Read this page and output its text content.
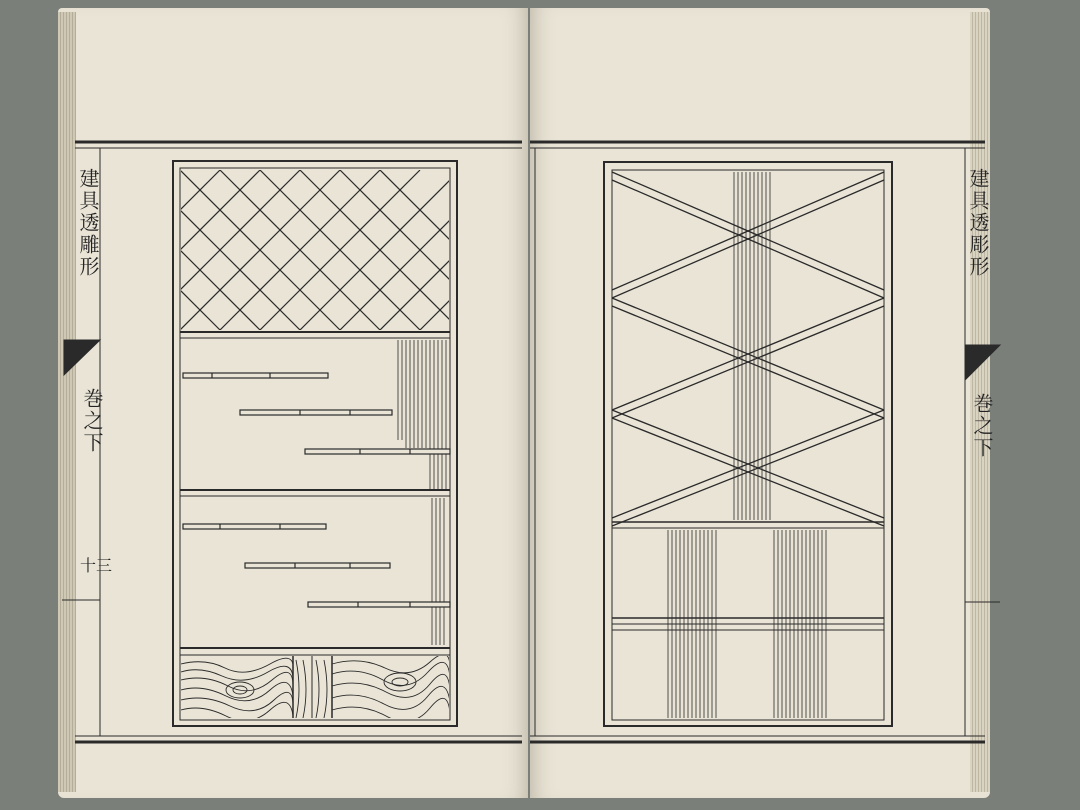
建具透雕形
巻之下
十三
建具透彫形
巻之下
